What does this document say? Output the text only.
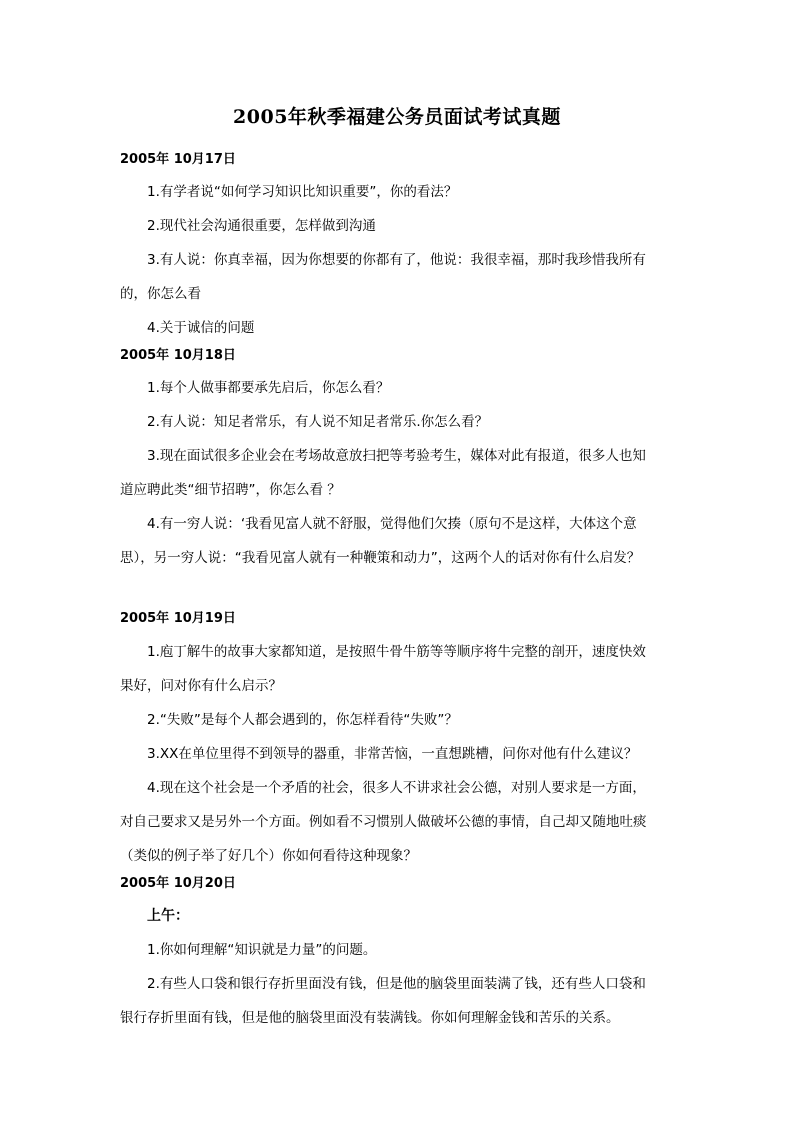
2005年秋季福建公务员面试考试真题
2005年 10月17日
1.有学者说“如何学习知识比知识重要”，你的看法？
2.现代社会沟通很重要，怎样做到沟通
3.有人说：你真幸福，因为你想要的你都有了，他说：我很幸福，那时我珍惜我所有
的，你怎么看
4.关于诚信的问题
2005年 10月18日
1.每个人做事都要承先启后，你怎么看？
2.有人说：知足者常乐，有人说不知足者常乐.你怎么看？
3.现在面试很多企业会在考场故意放扫把等考验考生，媒体对此有报道，很多人也知
道应聘此类“细节招聘”，你怎么看 ？
4.有一穷人说：‘我看见富人就不舒服，觉得他们欠揍（原句不是这样，大体这个意
思），另一穷人说：“我看见富人就有一种鞭策和动力”，这两个人的话对你有什么启发？
2005年 10月19日
1.庖丁解牛的故事大家都知道，是按照牛骨牛筋等等顺序将牛完整的剖开，速度快效
果好，问对你有什么启示？
2.“失败”是每个人都会遇到的，你怎样看待“失败”？
3.XX在单位里得不到领导的器重，非常苦恼，一直想跳槽，问你对他有什么建议？
4.现在这个社会是一个矛盾的社会，很多人不讲求社会公德，对别人要求是一方面，
对自己要求又是另外一个方面。例如看不习惯别人做破坏公德的事情，自己却又随地吐痰
（类似的例子举了好几个）你如何看待这种现象？
2005年 10月20日
上午：
1.你如何理解“知识就是力量”的问题。
2.有些人口袋和银行存折里面没有钱，但是他的脑袋里面装满了钱，还有些人口袋和
银行存折里面有钱，但是他的脑袋里面没有装满钱。你如何理解金钱和苦乐的关系。
